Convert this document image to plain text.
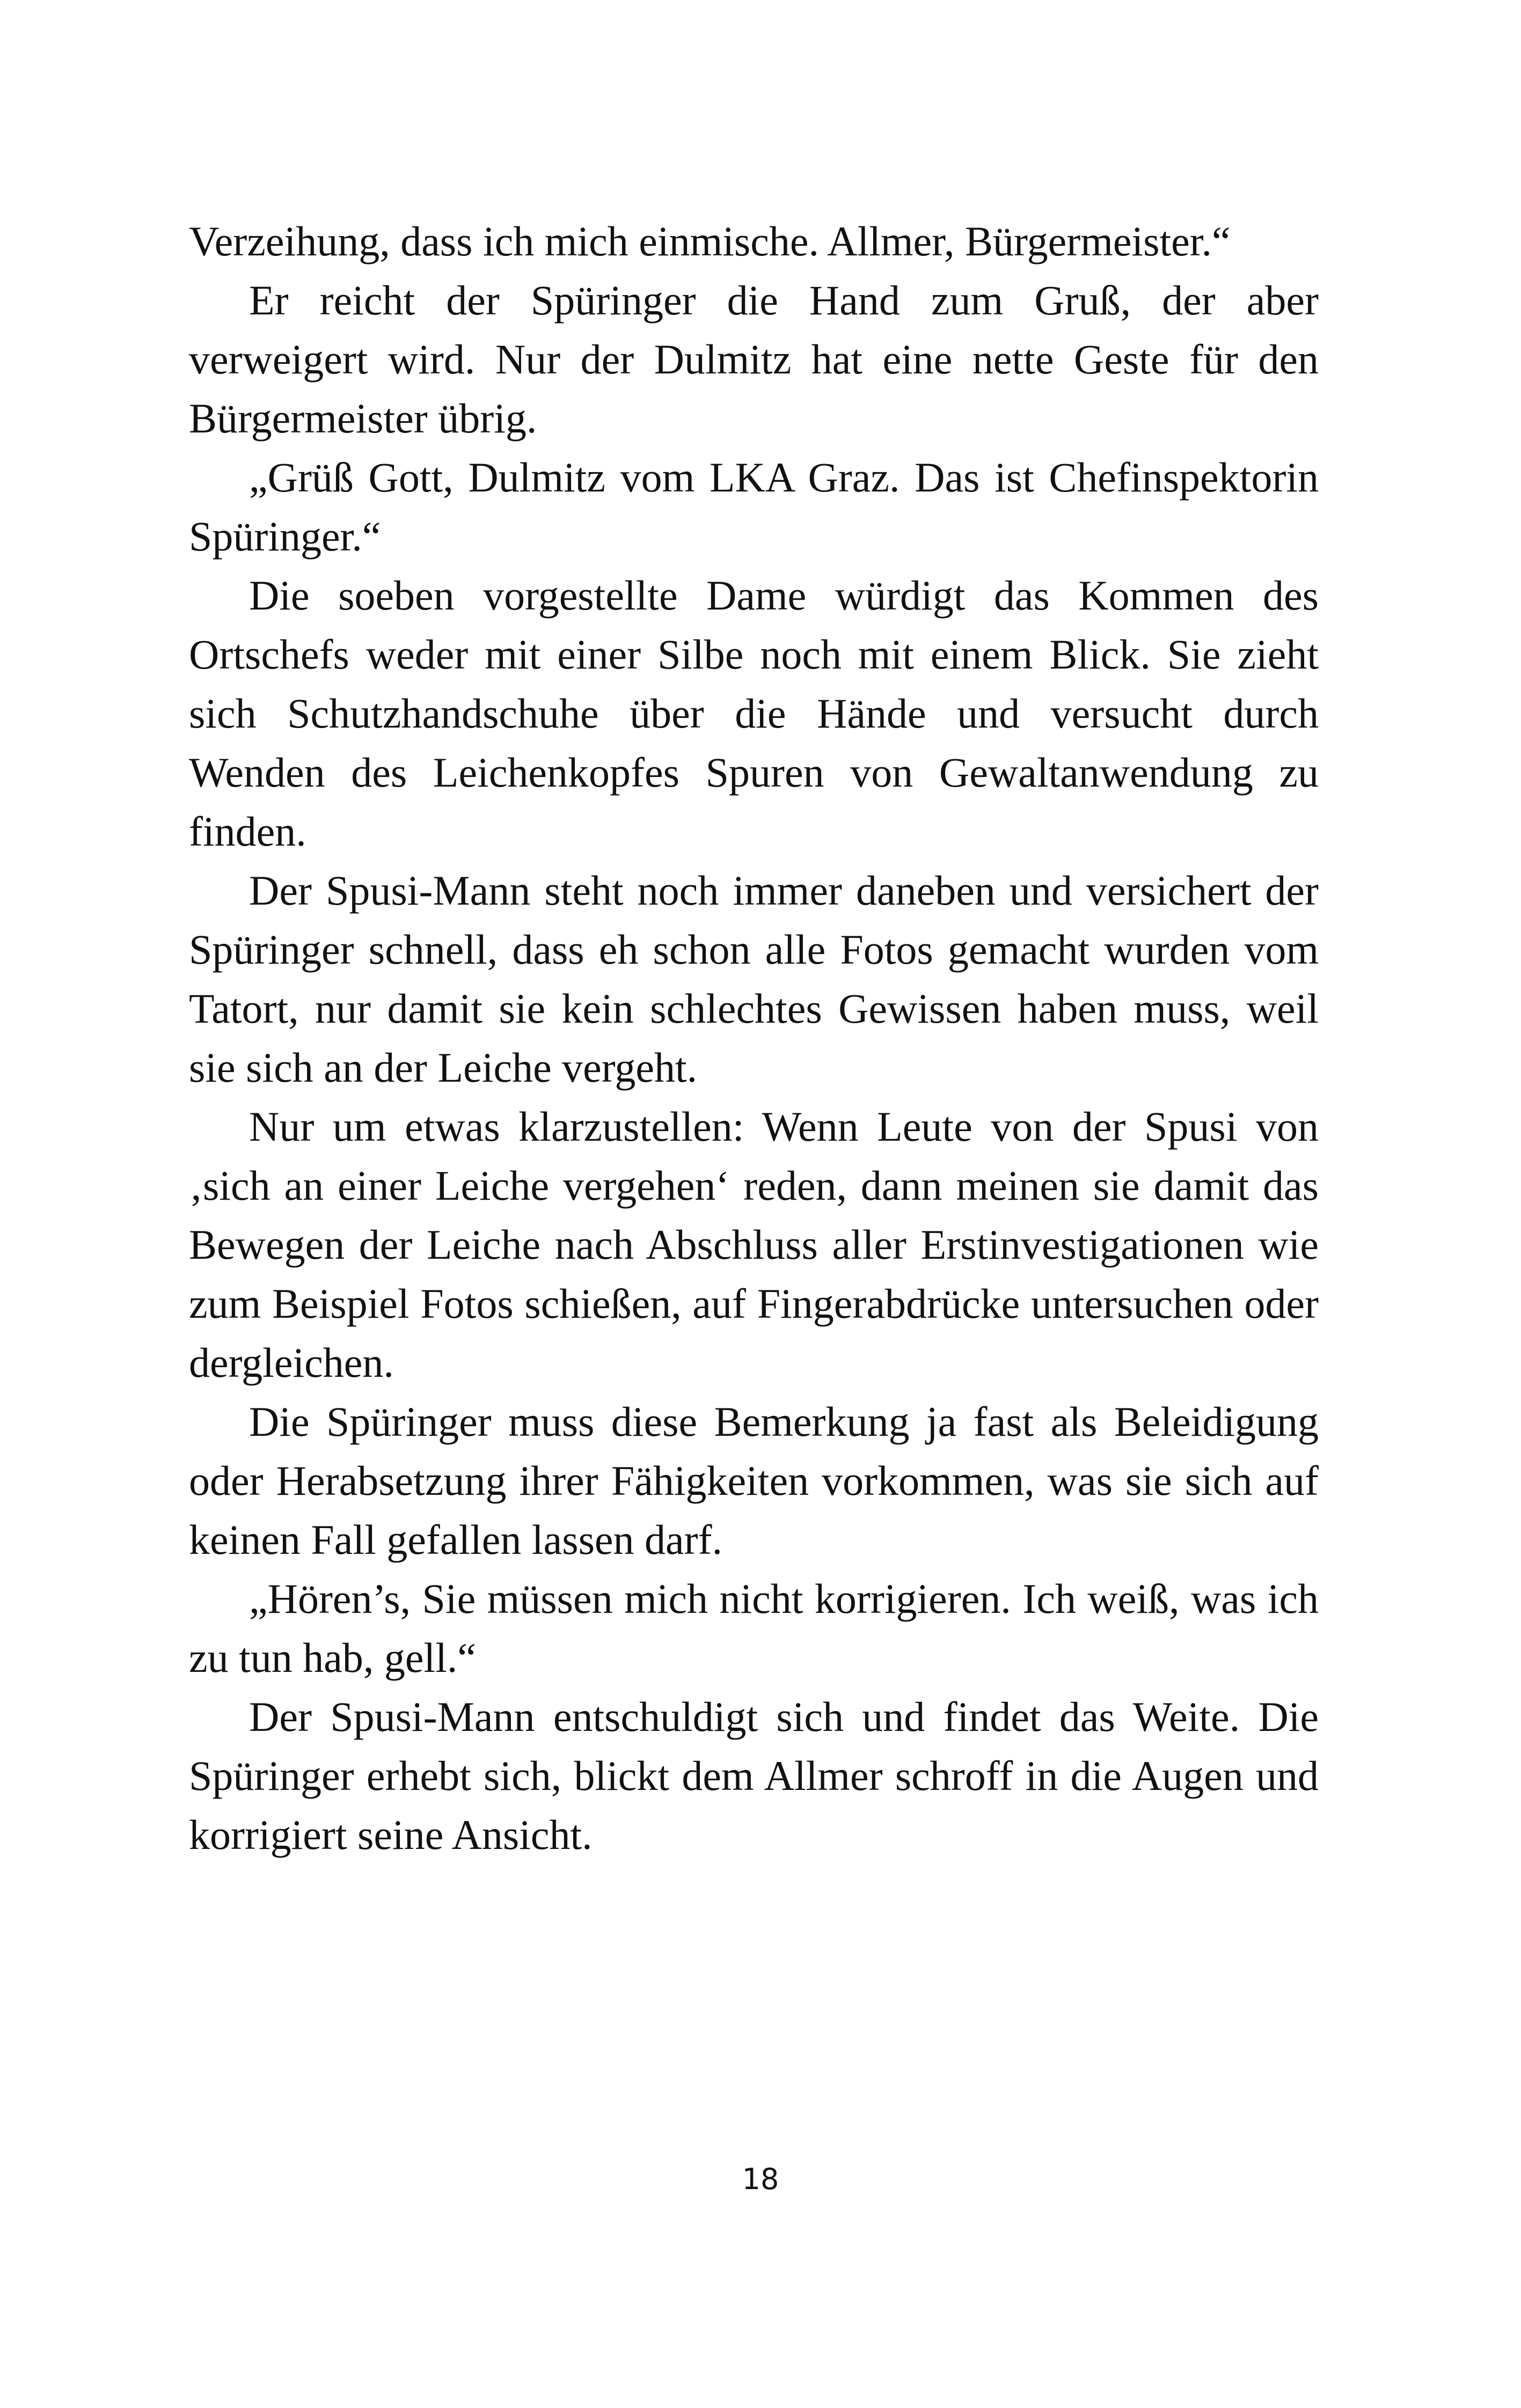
Verzeihung, dass ich mich einmische. Allmer, Bürgermeister.“

Er reicht der Spüringer die Hand zum Gruß, der aber verweigert wird. Nur der Dulmitz hat eine nette Geste für den Bürgermeister übrig.

„Grüß Gott, Dulmitz vom LKA Graz. Das ist Chefinspektorin Spüringer.“

Die soeben vorgestellte Dame würdigt das Kommen des Ortschefs weder mit einer Silbe noch mit einem Blick. Sie zieht sich Schutzhandschuhe über die Hände und versucht durch Wenden des Leichenkopfes Spuren von Gewaltanwendung zu finden.

Der Spusi-Mann steht noch immer daneben und versichert der Spüringer schnell, dass eh schon alle Fotos gemacht wurden vom Tatort, nur damit sie kein schlechtes Gewissen haben muss, weil sie sich an der Leiche vergeht.

Nur um etwas klarzustellen: Wenn Leute von der Spusi von ‚sich an einer Leiche vergehen‘ reden, dann meinen sie damit das Bewegen der Leiche nach Abschluss aller Erstinvestigationen wie zum Beispiel Fotos schießen, auf Fingerabdrücke untersuchen oder dergleichen.

Die Spüringer muss diese Bemerkung ja fast als Beleidigung oder Herabsetzung ihrer Fähigkeiten vorkommen, was sie sich auf keinen Fall gefallen lassen darf.

„Hören’s, Sie müssen mich nicht korrigieren. Ich weiß, was ich zu tun hab, gell.“

Der Spusi-Mann entschuldigt sich und findet das Weite. Die Spüringer erhebt sich, blickt dem Allmer schroff in die Augen und korrigiert seine Ansicht.

18
